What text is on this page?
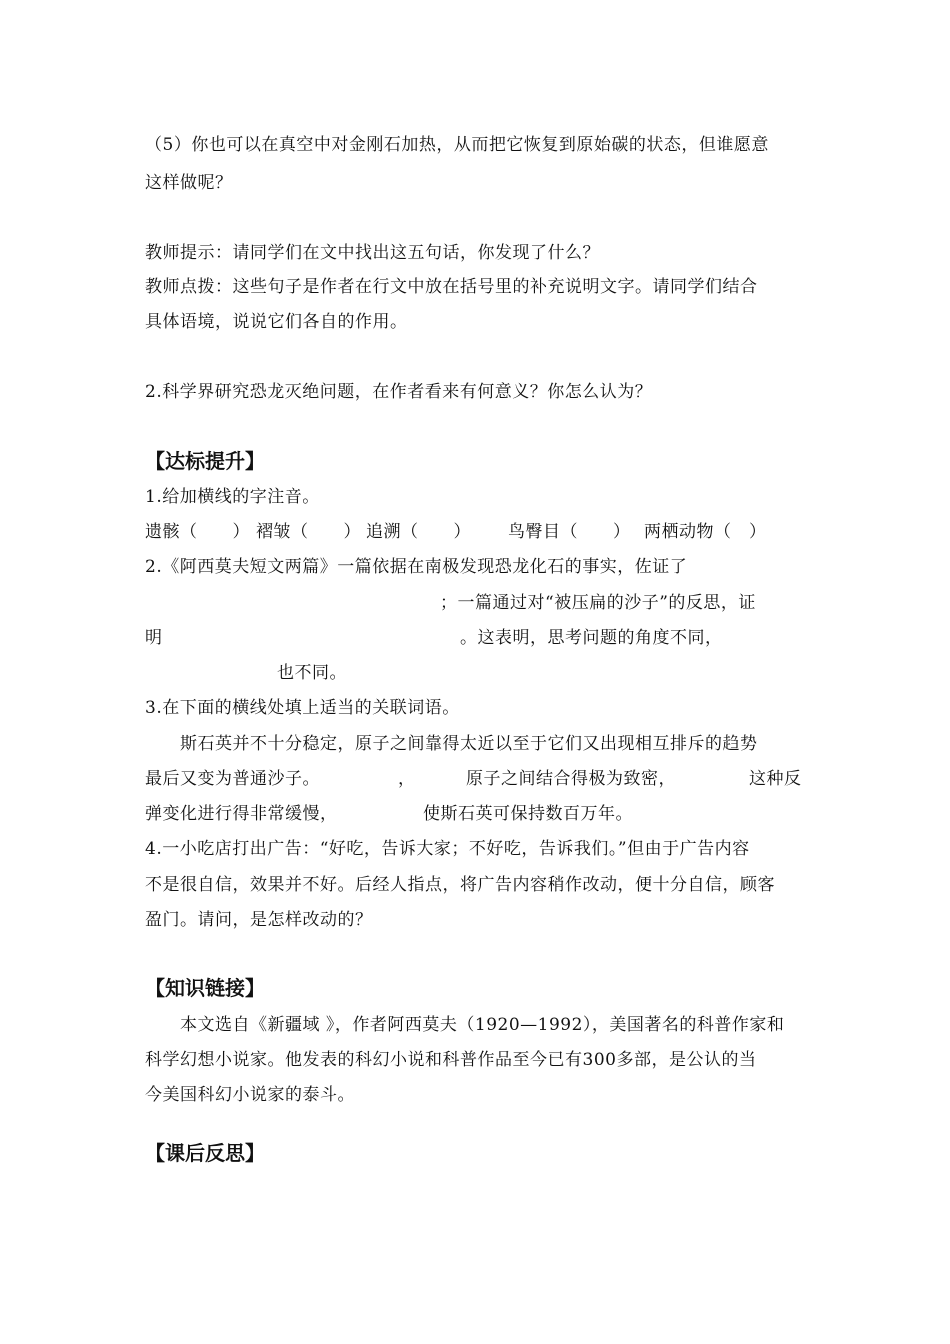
（5）你也可以在真空中对金刚石加热，从而把它恢复到原始碳的状态，但谁愿意
这样做呢？
教师提示：请同学们在文中找出这五句话，你发现了什么？
教师点拨：这些句子是作者在行文中放在括号里的补充说明文字。请同学们结合
具体语境，说说它们各自的作用。
2.科学界研究恐龙灭绝问题，在作者看来有何意义？你怎么认为？
【达标提升】
1.给加横线的字注音。
遗骸（　　） 褶皱（　　） 追溯（　　） 鸟臀目（　　） 两栖动物（　）
2.《阿西莫夫短文两篇》一篇依据在南极发现恐龙化石的事实，佐证了
；一篇通过对“被压扁的沙子”的反思，证
明	。这表明，思考问题的角度不同，
也不同。
3.在下面的横线处填上适当的关联词语。
斯石英并不十分稳定，原子之间靠得太近以至于它们又出现相互排斥的趋势
最后又变为普通沙子。	，	原子之间结合得极为致密，	这种反
弹变化进行得非常缓慢，	使斯石英可保持数百万年。
4.一小吃店打出广告：“好吃，告诉大家；不好吃，告诉我们。”但由于广告内容
不是很自信，效果并不好。后经人指点，将广告内容稍作改动，便十分自信，顾客
盈门。请问，是怎样改动的？
【知识链接】
本文选自《新疆域 》，作者阿西莫夫（1920—1992），美国著名的科普作家和
科学幻想小说家。他发表的科幻小说和科普作品至今已有300多部，是公认的当
今美国科幻小说家的泰斗。
【课后反思】
